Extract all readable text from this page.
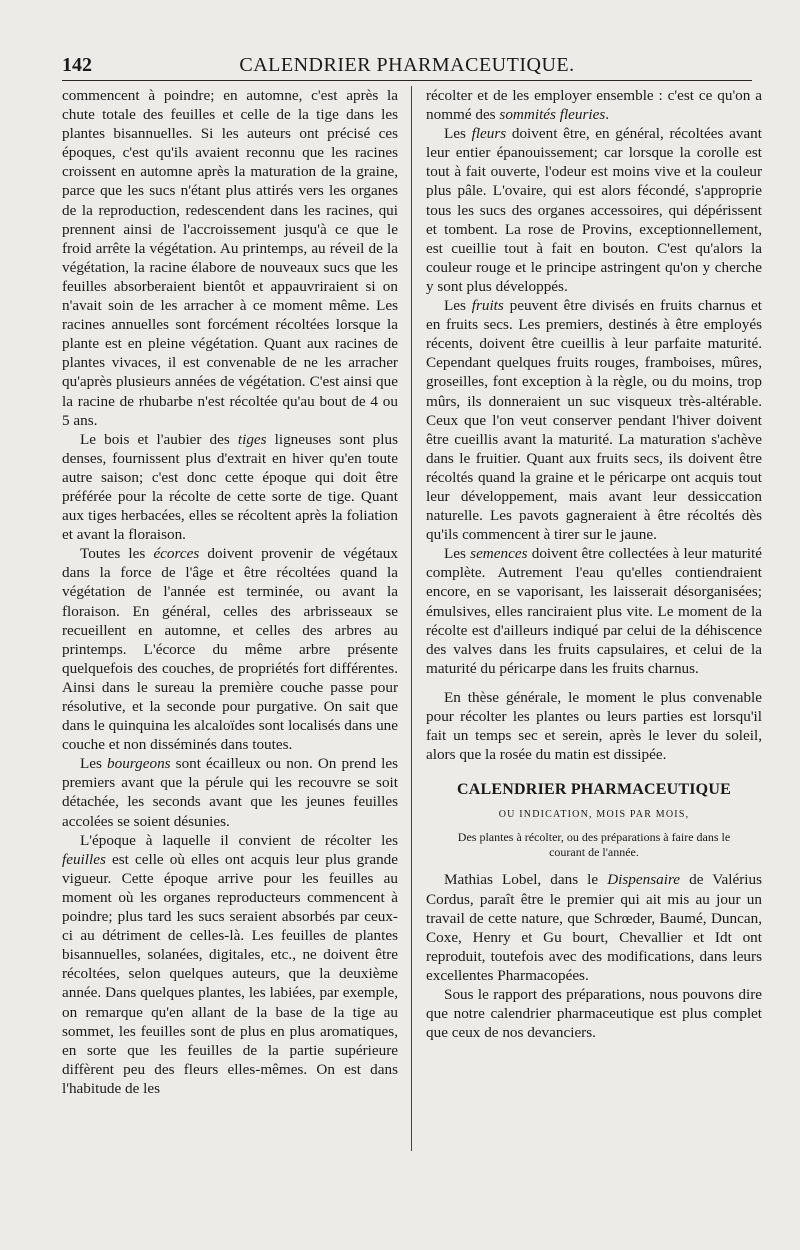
142	CALENDRIER PHARMACEUTIQUE.

commencent à poindre; en automne, c'est après la chute totale des feuilles et celle de la tige dans les plantes bisannuelles. Si les auteurs ont précisé ces époques, c'est qu'ils avaient reconnu que les racines croissent en automne après la maturation de la graine, parce que les sucs n'étant plus attirés vers les organes de la reproduction, redescendent dans les racines, qui prennent ainsi de l'accroissement jusqu'à ce que le froid arrête la végétation. Au printemps, au réveil de la végétation, la racine élabore de nouveaux sucs que les feuilles absorberaient bientôt et appauvriraient si on n'avait soin de les arracher à ce moment même. Les racines annuelles sont forcément récoltées lorsque la plante est en pleine végétation. Quant aux racines de plantes vivaces, il est convenable de ne les arracher qu'après plusieurs années de végétation. C'est ainsi que la racine de rhubarbe n'est récoltée qu'au bout de 4 ou 5 ans.

Le bois et l'aubier des tiges ligneuses sont plus denses, fournissent plus d'extrait en hiver qu'en toute autre saison; c'est donc cette époque qui doit être préférée pour la récolte de cette sorte de tige. Quant aux tiges herbacées, elles se récoltent après la foliation et avant la floraison.

Toutes les écorces doivent provenir de végétaux dans la force de l'âge et être récoltées quand la végétation de l'année est terminée, ou avant la floraison. En général, celles des arbrisseaux se recueillent en automne, et celles des arbres au printemps. L'écorce du même arbre présente quelquefois des couches, de propriétés fort différentes. Ainsi dans le sureau la première couche passe pour résolutive, et la seconde pour purgative. On sait que dans le quinquina les alcaloïdes sont localisés dans une couche et non disséminés dans toutes.

Les bourgeons sont écailleux ou non. On prend les premiers avant que la pérule qui les recouvre se soit détachée, les seconds avant que les jeunes feuilles accolées se soient désunies.

L'époque à laquelle il convient de récolter les feuilles est celle où elles ont acquis leur plus grande vigueur. Cette époque arrive pour les feuilles au moment où les organes reproducteurs commencent à poindre; plus tard les sucs seraient absorbés par ceux-ci au détriment de celles-là. Les feuilles de plantes bisannuelles, solanées, digitales, etc., ne doivent être récoltées, selon quelques auteurs, que la deuxième année. Dans quelques plantes, les labiées, par exemple, on remarque qu'en allant de la base de la tige au sommet, les feuilles sont de plus en plus aromatiques, en sorte que les feuilles de la partie supérieure diffèrent peu des fleurs elles-mêmes. On est dans l'habitude de les

récolter et de les employer ensemble : c'est ce qu'on a nommé des sommités fleuries.

Les fleurs doivent être, en général, récoltées avant leur entier épanouissement; car lorsque la corolle est tout à fait ouverte, l'odeur est moins vive et la couleur plus pâle. L'ovaire, qui est alors fécondé, s'approprie tous les sucs des organes accessoires, qui dépérissent et tombent. La rose de Provins, exceptionnellement, est cueillie tout à fait en bouton. C'est qu'alors la couleur rouge et le principe astringent qu'on y cherche y sont plus développés.

Les fruits peuvent être divisés en fruits charnus et en fruits secs. Les premiers, destinés à être employés récents, doivent être cueillis à leur parfaite maturité. Cependant quelques fruits rouges, framboises, mûres, groseilles, font exception à la règle, ou du moins, trop mûrs, ils donneraient un suc visqueux très-altérable. Ceux que l'on veut conserver pendant l'hiver doivent être cueillis avant la maturité. La maturation s'achève dans le fruitier. Quant aux fruits secs, ils doivent être récoltés quand la graine et le péricarpe ont acquis tout leur développement, mais avant leur dessiccation naturelle. Les pavots gagneraient à être récoltés dès qu'ils commencent à tirer sur le jaune.

Les semences doivent être collectées à leur maturité complète. Autrement l'eau qu'elles contiendraient encore, en se vaporisant, les laisserait désorganisées; émulsives, elles ranciraient plus vite. Le moment de la récolte est d'ailleurs indiqué par celui de la déhiscence des valves dans les fruits capsulaires, et celui de la maturité du péricarpe dans les fruits charnus.

En thèse générale, le moment le plus convenable pour récolter les plantes ou leurs parties est lorsqu'il fait un temps sec et serein, après le lever du soleil, alors que la rosée du matin est dissipée.

CALENDRIER PHARMACEUTIQUE
OU INDICATION, MOIS PAR MOIS,
Des plantes à récolter, ou des préparations à faire dans le courant de l'année.

Mathias Lobel, dans le Dispensaire de Valérius Cordus, paraît être le premier qui ait mis au jour un travail de cette nature, que Schrœder, Baumé, Duncan, Coxe, Henry et Gu bourt, Chevallier et Idt ont reproduit, toutefois avec des modifications, dans leurs excellentes Pharmacopées.

Sous le rapport des préparations, nous pouvons dire que notre calendrier pharmaceutique est plus complet que ceux de nos devanciers.
